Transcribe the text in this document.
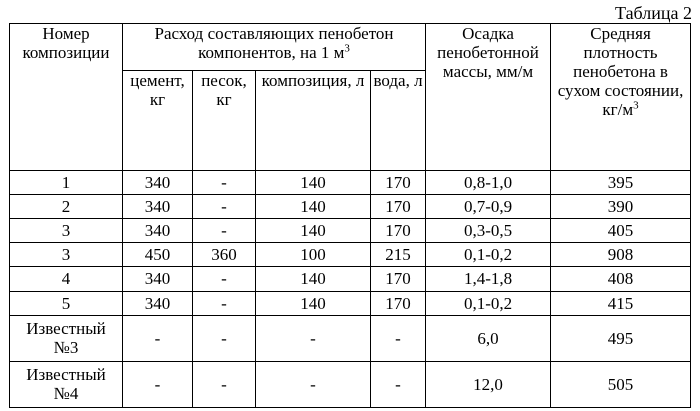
Таблица 2
Номер композиции	Расход составляющих пенобетон компонентов, на 1 $м^3$				Осадка пенобетонной массы, мм/м	Средняя плотность пенобетона в сухом состоянии, $кг/м^3$
	цемент, кг	песок, кг	композиция, л	вода, л		
1	340	-	140	170	0,8-1,0	395
2	340	-	140	170	0,7-0,9	390
3	340	-	140	170	0,3-0,5	405
3	450	360	100	215	0,1-0,2	908
4	340	-	140	170	1,4-1,8	408
5	340	-	140	170	0,1-0,2	415
Известный №3	-	-	-	-	6,0	495
Известный №4	-	-	-	-	12,0	505
